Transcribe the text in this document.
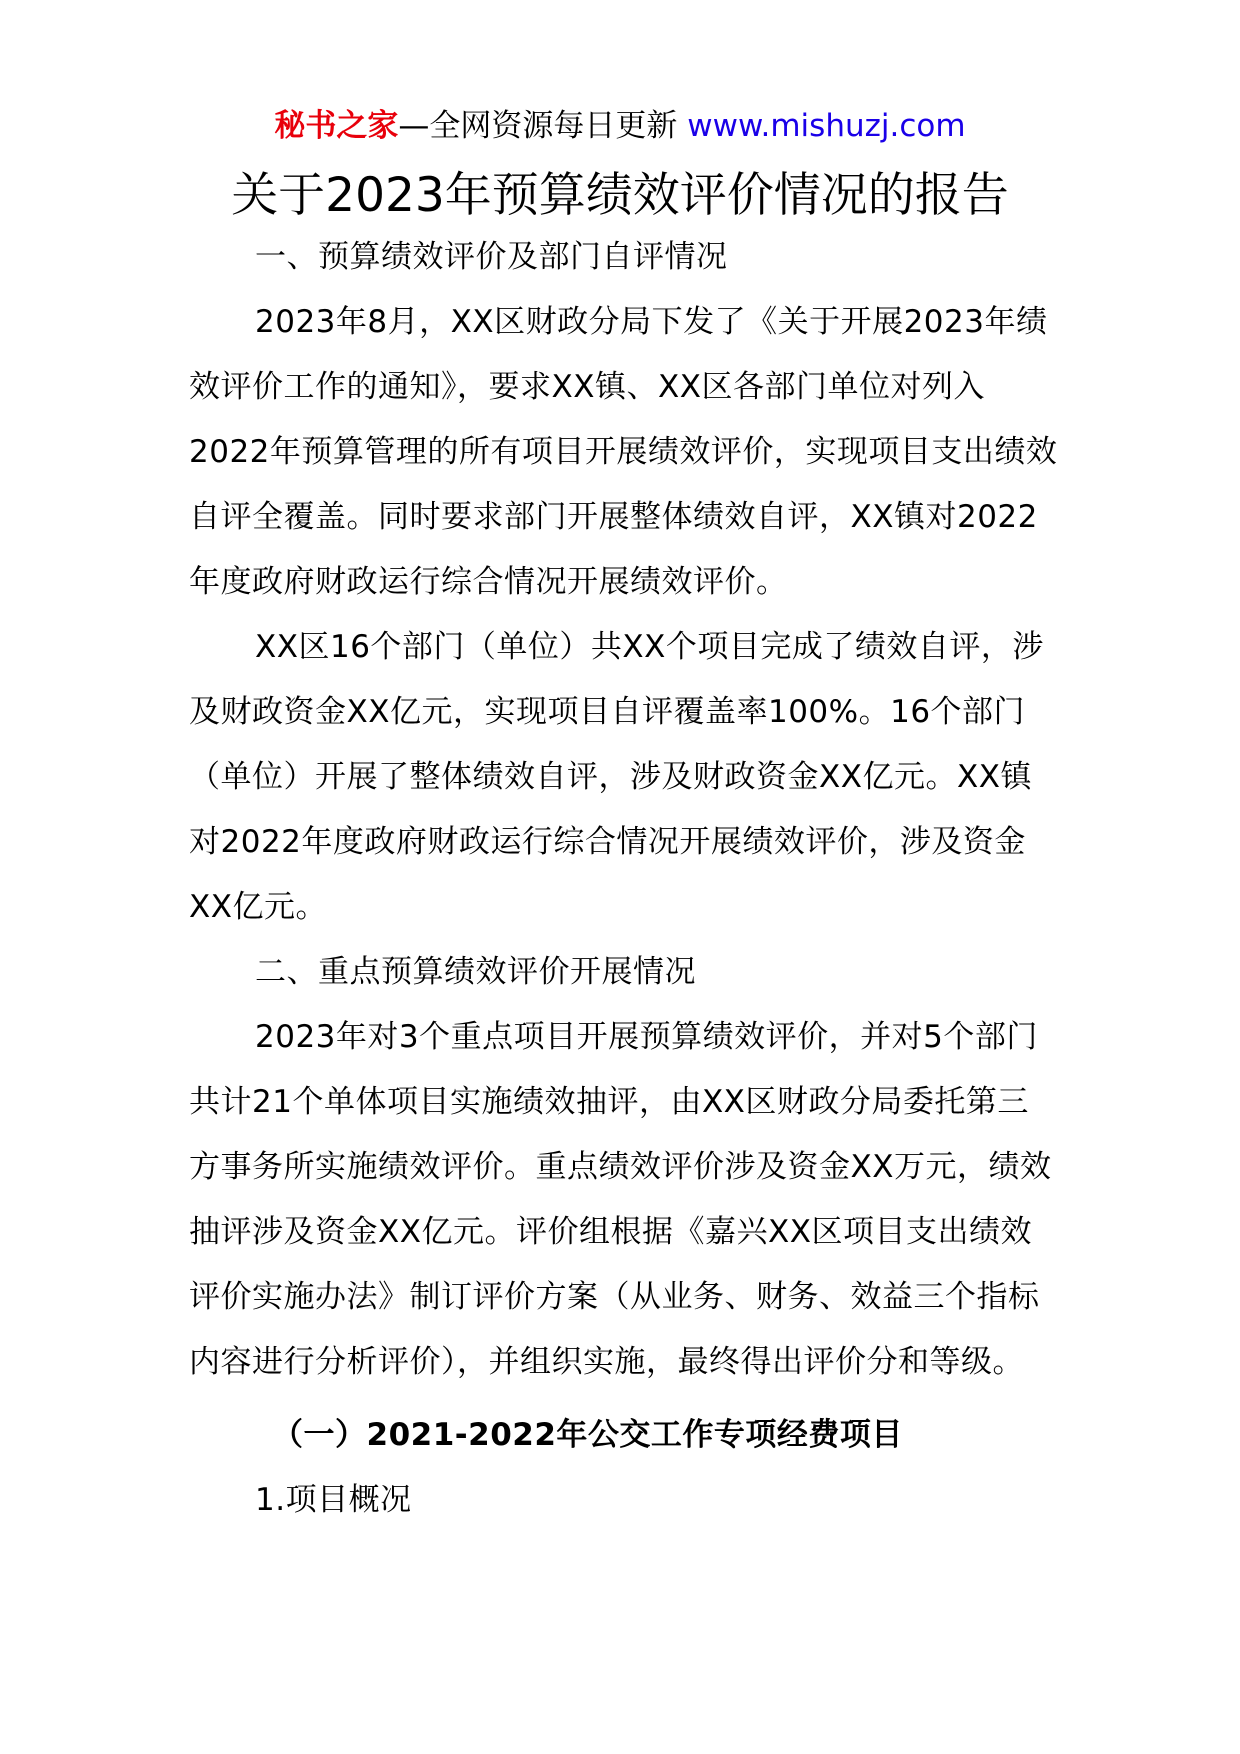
秘书之家—全网资源每日更新 www.mishuzj.com
关于2023年预算绩效评价情况的报告

一、预算绩效评价及部门自评情况

2023年8月，XX区财政分局下发了《关于开展2023年绩效评价工作的通知》，要求XX镇、XX区各部门单位对列入2022年预算管理的所有项目开展绩效评价，实现项目支出绩效自评全覆盖。同时要求部门开展整体绩效自评，XX镇对2022年度政府财政运行综合情况开展绩效评价。

XX区16个部门（单位）共XX个项目完成了绩效自评，涉及财政资金XX亿元，实现项目自评覆盖率100%。16个部门（单位）开展了整体绩效自评，涉及财政资金XX亿元。XX镇对2022年度政府财政运行综合情况开展绩效评价，涉及资金XX亿元。

二、重点预算绩效评价开展情况

2023年对3个重点项目开展预算绩效评价，并对5个部门共计21个单体项目实施绩效抽评，由XX区财政分局委托第三方事务所实施绩效评价。重点绩效评价涉及资金XX万元，绩效抽评涉及资金XX亿元。评价组根据《嘉兴XX区项目支出绩效评价实施办法》制订评价方案（从业务、财务、效益三个指标内容进行分析评价），并组织实施，最终得出评价分和等级。

（一）2021-2022年公交工作专项经费项目

1.项目概况
